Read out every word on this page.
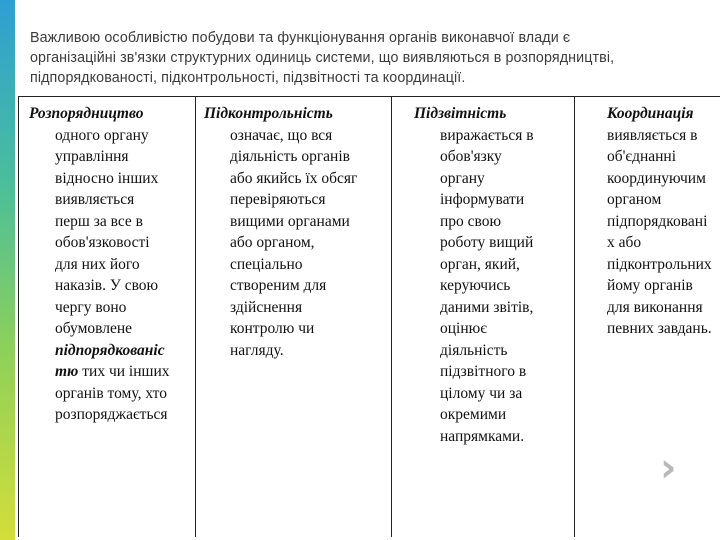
Важливою особливістю побудови та функціонування органів виконавчої влади є
організаційні зв'язки структурних одиниць системи, що виявляються в розпорядництві,
підпорядкованості, підконтрольності, підзвітності та координації.
Розпорядництво
одного органу
управління
відносно інших
виявляється
перш за все в
обов'язковості
для них його
наказів. У свою
чергу воно
обумовлене
підпорядкованіс
тю тих чи інших
органів тому, хто
розпоряджається
Підконтрольність
означає, що вся
діяльність органів
або якийсь їх обсяг
перевіряються
вищими органами
або органом,
спеціально
створеним для
здійснення
контролю чи
нагляду.
Підзвітність
виражається в
обов'язку
органу
інформувати
про свою
роботу вищий
орган, який,
керуючись
даними звітів,
оцінює
діяльність
підзвітного в
цілому чи за
окремими
напрямками.
Координація
виявляється в
об'єднанні
координуючим
органом
підпорядковані
х або
підконтрольних
йому органів
для виконання
певних завдань.
›
